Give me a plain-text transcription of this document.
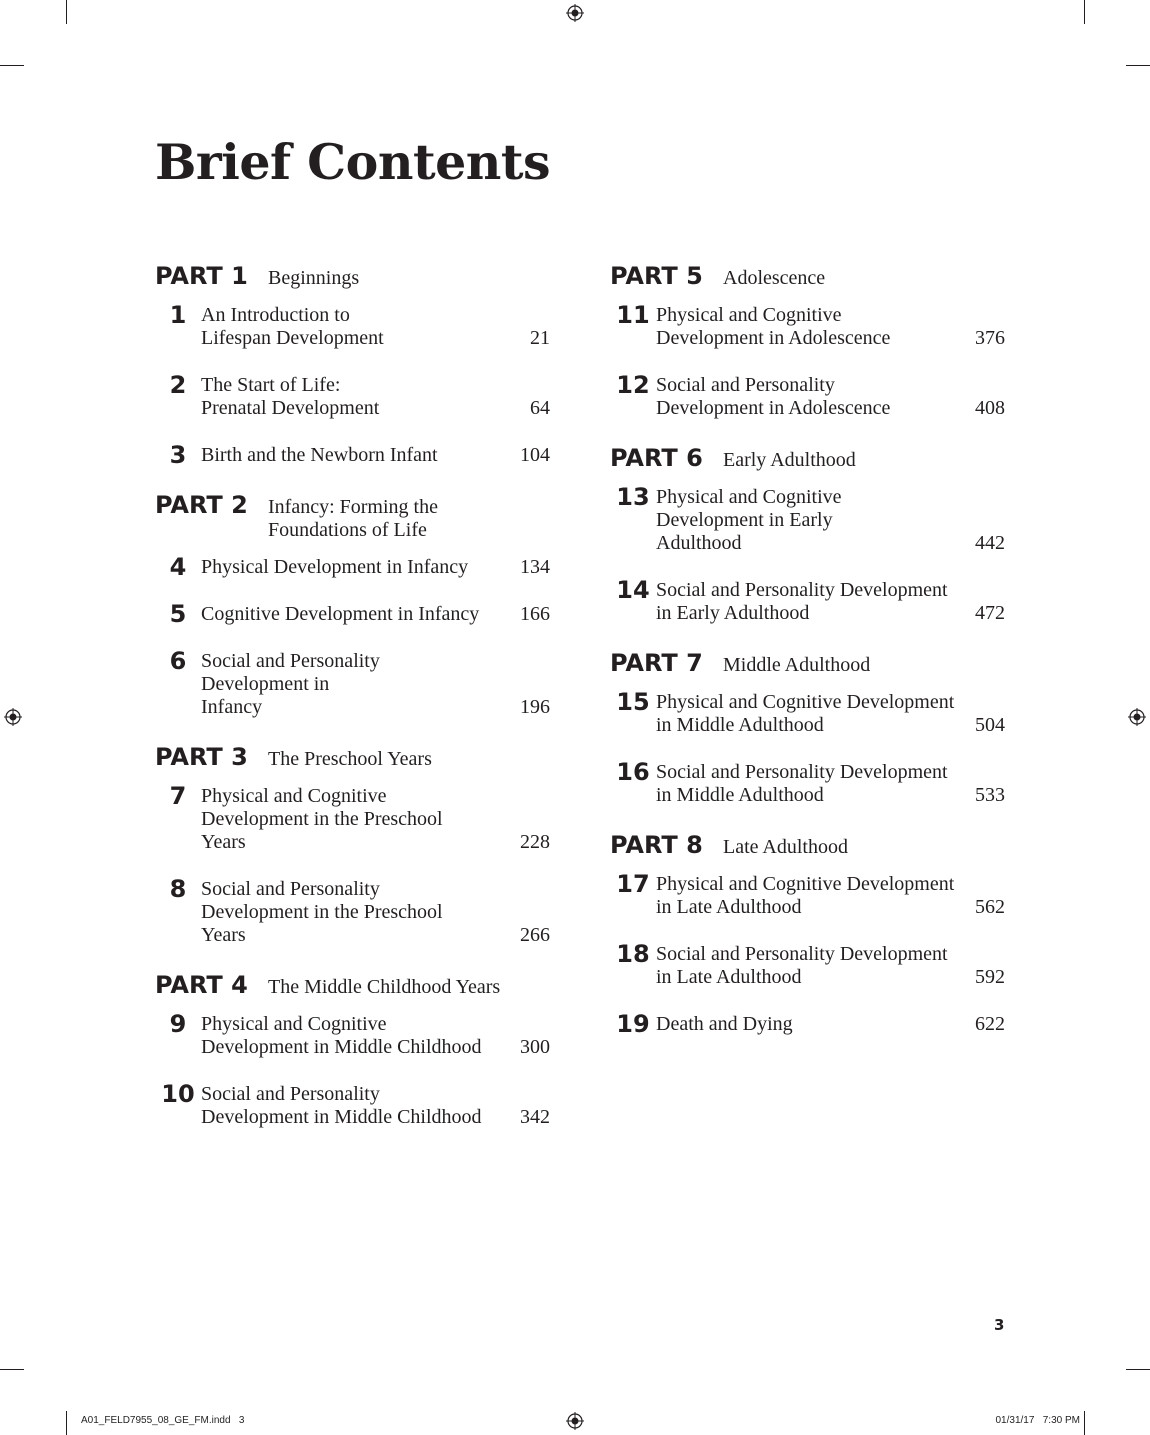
Brief Contents
PART 1	Beginnings
1 An Introduction to Lifespan Development	21
2 The Start of Life: Prenatal Development	64
3 Birth and the Newborn Infant	104
PART 2	Infancy: Forming the Foundations of Life
4 Physical Development in Infancy	134
5 Cognitive Development in Infancy	166
6 Social and Personality Development in Infancy	196
PART 3	The Preschool Years
7 Physical and Cognitive Development in the Preschool Years	228
8 Social and Personality Development in the Preschool Years	266
PART 4	The Middle Childhood Years
9 Physical and Cognitive Development in Middle Childhood	300
10 Social and Personality Development in Middle Childhood	342
PART 5	Adolescence
11 Physical and Cognitive Development in Adolescence	376
12 Social and Personality Development in Adolescence	408
PART 6	Early Adulthood
13 Physical and Cognitive Development in Early Adulthood	442
14 Social and Personality Development in Early Adulthood	472
PART 7	Middle Adulthood
15 Physical and Cognitive Development in Middle Adulthood	504
16 Social and Personality Development in Middle Adulthood	533
PART 8	Late Adulthood
17 Physical and Cognitive Development in Late Adulthood	562
18 Social and Personality Development in Late Adulthood	592
19 Death and Dying	622
3
A01_FELD7955_08_GE_FM.indd   3	01/31/17   7:30 PM
